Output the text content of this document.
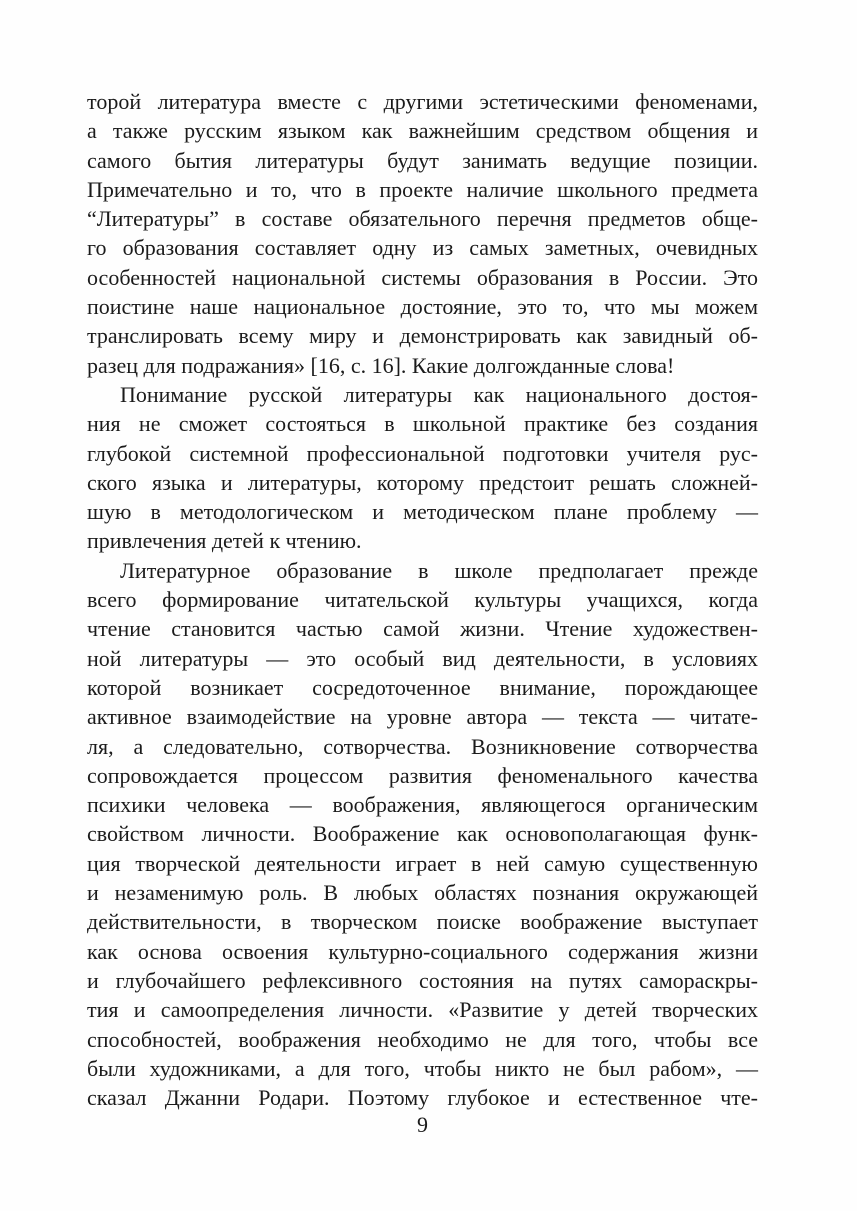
торой литература вместе с другими эстетическими феноменами,

а также русским языком как важнейшим средством общения и

самого бытия литературы будут занимать ведущие позиции.

Примечательно и то, что в проекте наличие школьного предмета

“Литературы” в составе обязательного перечня предметов обще-

го образования составляет одну из самых заметных, очевидных

особенностей национальной системы образования в России. Это

поистине наше национальное достояние, это то, что мы можем

транслировать всему миру и демонстрировать как завидный об-

разец для подражания» [16, с. 16]. Какие долгожданные слова!

Понимание русской литературы как национального достоя-

ния не сможет состояться в школьной практике без создания

глубокой системной профессиональной подготовки учителя рус-

ского языка и литературы, которому предстоит решать сложней-

шую в методологическом и методическом плане проблему —

привлечения детей к чтению.

Литературное образование в школе предполагает прежде

всего формирование читательской культуры учащихся, когда

чтение становится частью самой жизни. Чтение художествен-

ной литературы — это особый вид деятельности, в условиях

которой возникает сосредоточенное внимание, порождающее

активное взаимодействие на уровне автора — текста — читате-

ля, а следовательно, сотворчества. Возникновение сотворчества

сопровождается процессом развития феноменального качества

психики человека — воображения, являющегося органическим

свойством личности. Воображение как основополагающая функ-

ция творческой деятельности играет в ней самую существенную

и незаменимую роль. В любых областях познания окружающей

действительности, в творческом поиске воображение выступает

как основа освоения культурно-социального содержания жизни

и глубочайшего рефлексивного состояния на путях самораскры-

тия и самоопределения личности. «Развитие у детей творческих

способностей, воображения необходимо не для того, чтобы все

были художниками, а для того, чтобы никто не был рабом», —

сказал Джанни Родари. Поэтому глубокое и естественное чте-

9
